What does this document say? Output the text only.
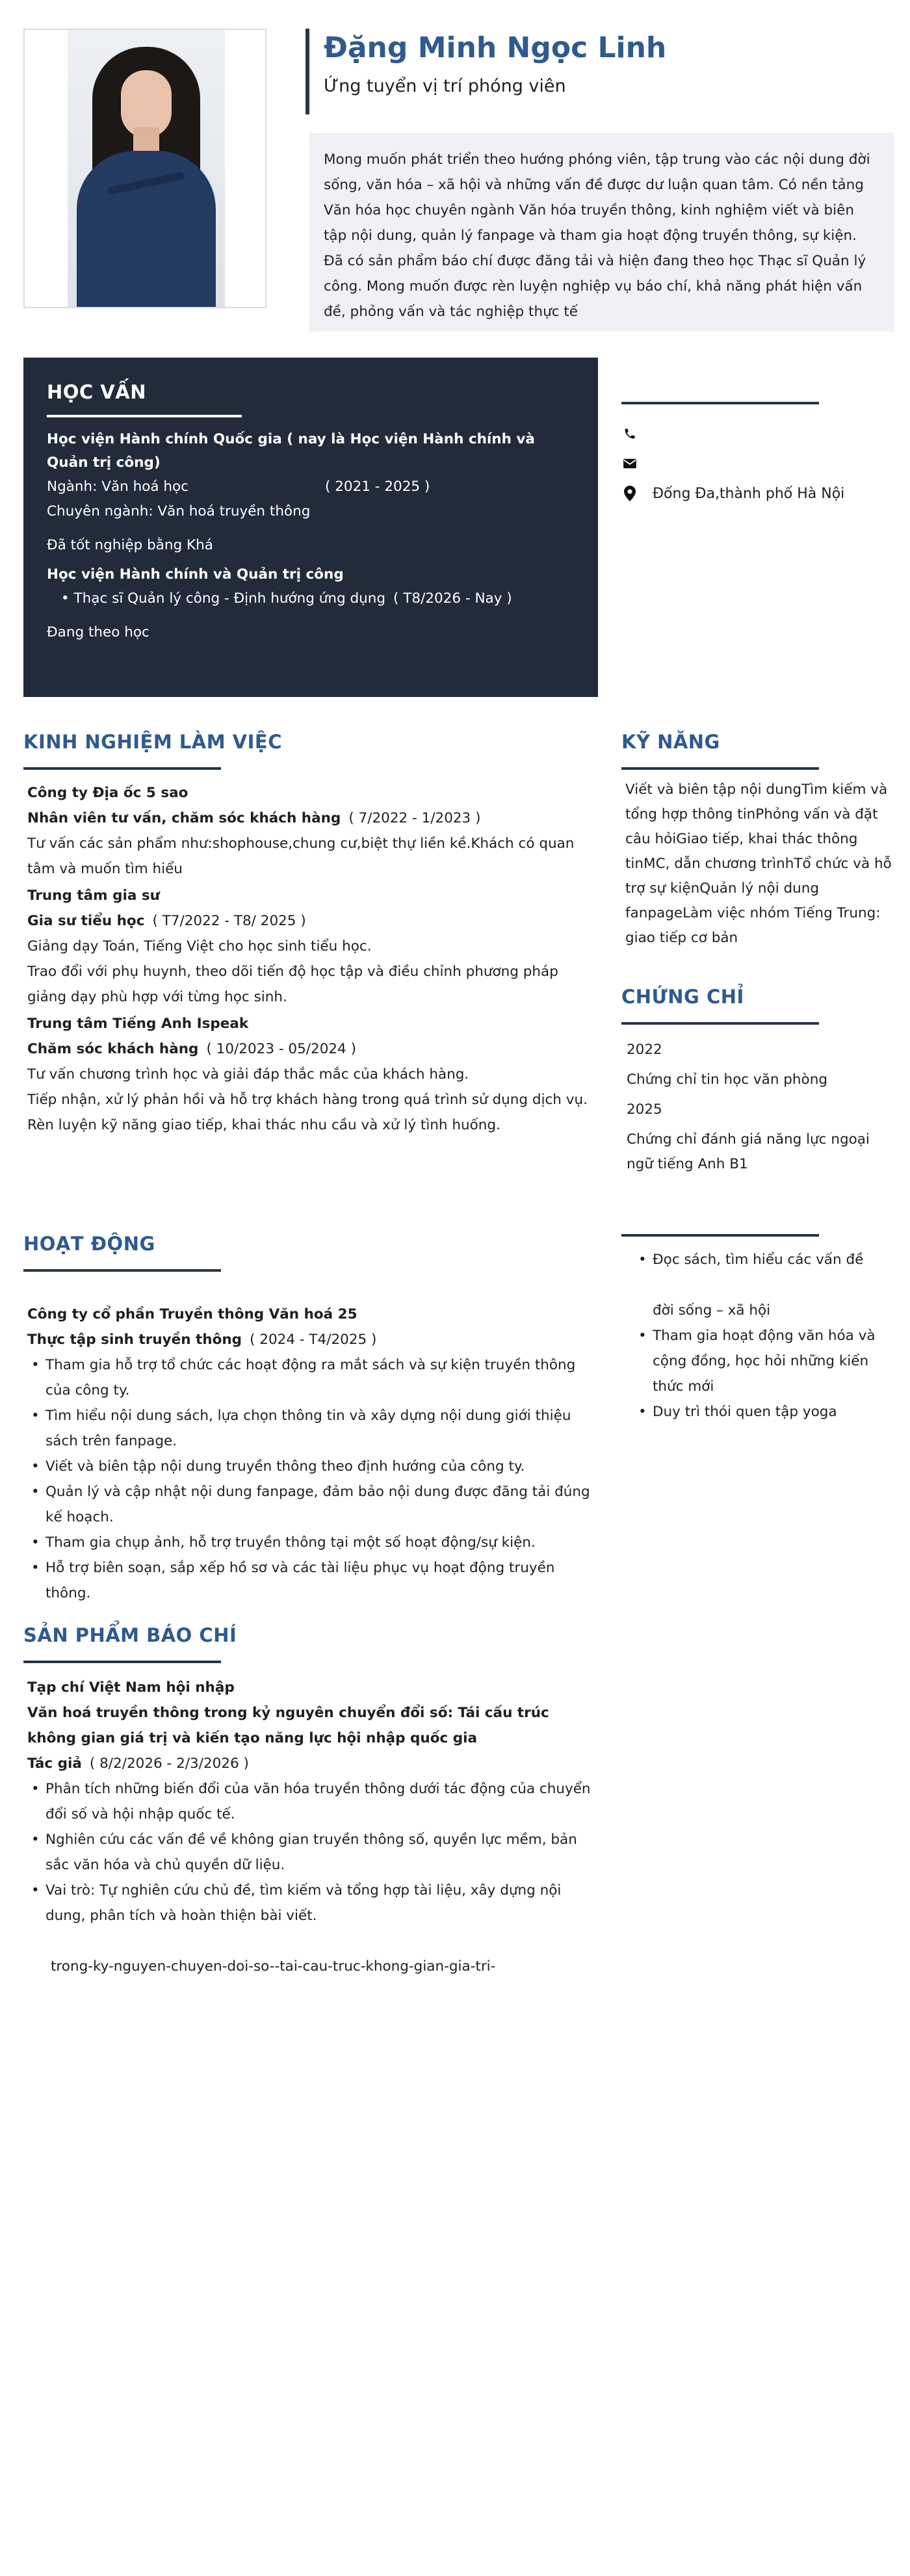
Đặng Minh Ngọc Linh
Ứng tuyển vị trí phóng viên
Mong muốn phát triển theo hướng phóng viên, tập trung vào các nội dung đời sống, văn hóa – xã hội và những vấn đề được dư luận quan tâm. Có nền tảng Văn hóa học chuyên ngành Văn hóa truyền thông, kinh nghiệm viết và biên tập nội dung, quản lý fanpage và tham gia hoạt động truyền thông, sự kiện. Đã có sản phẩm báo chí được đăng tải và hiện đang theo học Thạc sĩ Quản lý công. Mong muốn được rèn luyện nghiệp vụ báo chí, khả năng phát hiện vấn đề, phỏng vấn và tác nghiệp thực tế
HỌC VẤN
Học viện Hành chính Quốc gia ( nay là Học viện Hành chính và Quản trị công)
Ngành: Văn hoá học	( 2021 - 2025 )
Chuyên ngành: Văn hoá truyền thông
Đã tốt nghiệp bằng Khá
Học viện Hành chính và Quản trị công
• Thạc sĩ Quản lý công - Định hướng ứng dụng ( T8/2026 - Nay )
Đang theo học
Đống Đa,thành phố Hà Nội
KINH NGHIỆM LÀM VIỆC
Công ty Địa ốc 5 sao
Nhân viên tư vấn, chăm sóc khách hàng ( 7/2022 - 1/2023 )
Tư vấn các sản phẩm như:shophouse,chung cư,biệt thự liền kề.Khách có quan tâm và muốn tìm hiểu
Trung tâm gia sư
Gia sư tiểu học ( T7/2022 - T8/ 2025 )
Giảng dạy Toán, Tiếng Việt cho học sinh tiểu học.
Trao đổi với phụ huynh, theo dõi tiến độ học tập và điều chỉnh phương pháp giảng dạy phù hợp với từng học sinh.
Trung tâm Tiếng Anh Ispeak
Chăm sóc khách hàng ( 10/2023 - 05/2024 )
Tư vấn chương trình học và giải đáp thắc mắc của khách hàng.
Tiếp nhận, xử lý phản hồi và hỗ trợ khách hàng trong quá trình sử dụng dịch vụ.
Rèn luyện kỹ năng giao tiếp, khai thác nhu cầu và xử lý tình huống.
KỸ NĂNG
Viết và biên tập nội dungTìm kiếm và tổng hợp thông tinPhỏng vấn và đặt câu hỏiGiao tiếp, khai thác thông tinMC, dẫn chương trìnhTổ chức và hỗ trợ sự kiệnQuản lý nội dung fanpageLàm việc nhóm Tiếng Trung: giao tiếp cơ bản
CHỨNG CHỈ
2022
Chứng chỉ tin học văn phòng
2025
Chứng chỉ đánh giá năng lực ngoại ngữ tiếng Anh B1
HOẠT ĐỘNG
Công ty cổ phần Truyền thông Văn hoá 25
Thực tập sinh truyền thông ( 2024 - T4/2025 )
• Tham gia hỗ trợ tổ chức các hoạt động ra mắt sách và sự kiện truyền thông của công ty.
• Tìm hiểu nội dung sách, lựa chọn thông tin và xây dựng nội dung giới thiệu sách trên fanpage.
• Viết và biên tập nội dung truyền thông theo định hướng của công ty.
• Quản lý và cập nhật nội dung fanpage, đảm bảo nội dung được đăng tải đúng kế hoạch.
• Tham gia chụp ảnh, hỗ trợ truyền thông tại một số hoạt động/sự kiện.
• Hỗ trợ biên soạn, sắp xếp hồ sơ và các tài liệu phục vụ hoạt động truyền thông.
• Đọc sách, tìm hiểu các vấn đề

đời sống – xã hội
• Tham gia hoạt động văn hóa và cộng đồng, học hỏi những kiến thức mới
• Duy trì thói quen tập yoga
SẢN PHẨM BÁO CHÍ
Tạp chí Việt Nam hội nhập
Văn hoá truyền thông trong kỷ nguyên chuyển đổi số: Tái cấu trúc không gian giá trị và kiến tạo năng lực hội nhập quốc gia
Tác giả ( 8/2/2026 - 2/3/2026 )
• Phân tích những biến đổi của văn hóa truyền thông dưới tác động của chuyển đổi số và hội nhập quốc tế.
• Nghiên cứu các vấn đề về không gian truyền thông số, quyền lực mềm, bản sắc văn hóa và chủ quyền dữ liệu.
• Vai trò: Tự nghiên cứu chủ đề, tìm kiếm và tổng hợp tài liệu, xây dựng nội dung, phân tích và hoàn thiện bài viết.
trong-ky-nguyen-chuyen-doi-so--tai-cau-truc-khong-gian-gia-tri-
